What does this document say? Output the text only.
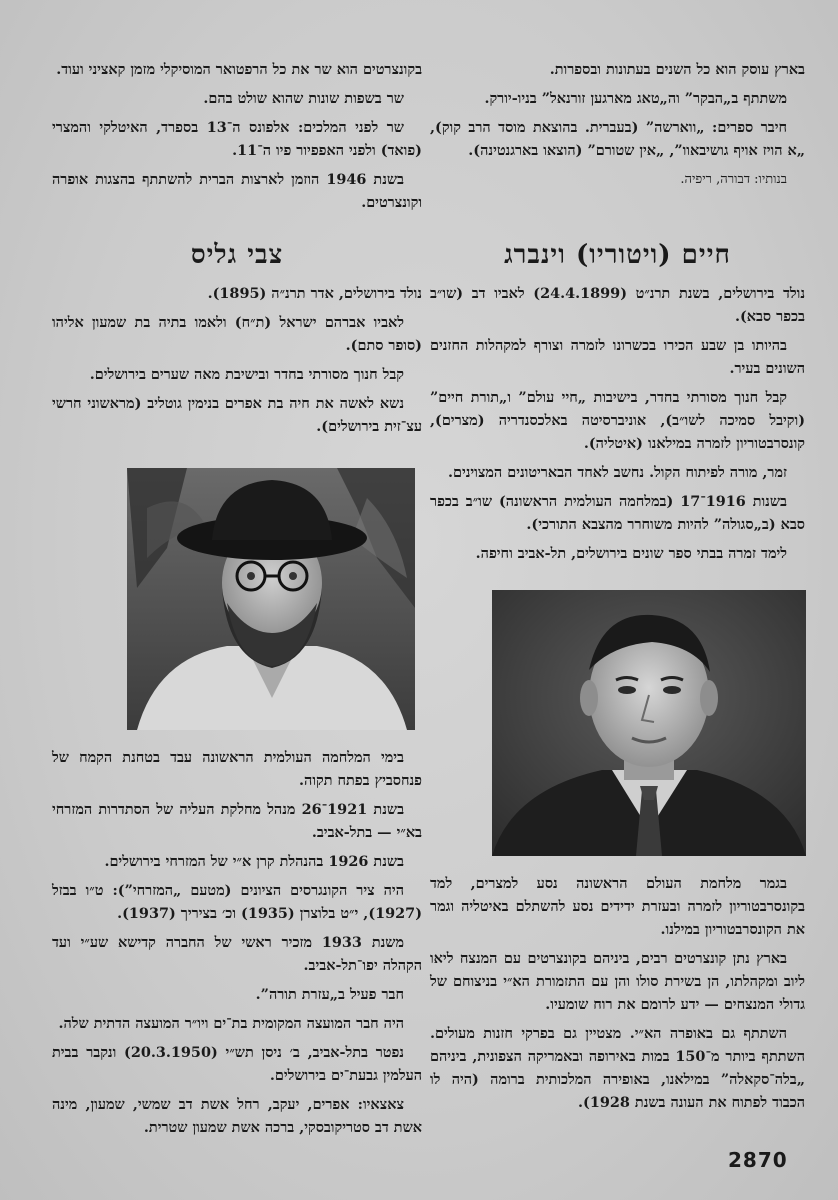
בארץ עוסק הוא כל השנים בעתונות ובספרות.

משתתף ב„הבקר” וה„טאג מארגען זורנאל” בניו-יורק.

חיבר ספרים: „ווארשה” (בעברית. בהוצאת מוסד הרב קוק), „א הויז אויף גושיבאוו”, „אין שטורם” (הוצאו בארגנטינה).

בנותיו: דבורה, ריפיה.

בקונצרטים הוא שר את כל הרפטואר המוסיקלי מזמן קאציני ועוד.

שר בשפות שונות שהוא שולט בהם.

שר לפני המלכים: אלפונס ה־13 בספרד, האיטלקי והמצרי (פואד) ולפני האפפיור פיו ה־11.

בשנת 1946 הוזמן לארצות הברית להשתתף בהצגות אופרה וקונצרטים.

חיים (ויטוריו) וינברג

נולד בירושלים, בשנת תרנ״ט (24.4.1899) לאביו דב (שו״ב בכפר סבא).

בהיותו בן שבע הכירו בכשרונו לזמרה וצורף למקהלות החזנים השונים בעיר.

קבל חנוך מסורתי בחדר, בישיבות „חיי עולם” ו„תורת חיים” (וקיבל סמיכה לשו״ב), אוניברסיטה באלכסנדריה (מצרים), קונסרבטוריון לזמרה במילאנו (איטליה).

זמר, מורה לפיתוח הקול. נחשב לאחד הבאריטונים המצוינים.

בשנות 1916־17 (במלחמה העולמית הראשונה) שו״ב בכפר סבא (ב„סגולה” להיות משוחרר מהצבא התורכי).

לימד זמרה בבתי ספר שונים בירושלים, תל-אביב וחיפה.

צבי גליס

נולד בירושלים, אדר תרנ״ה (1895).

לאביו אברהם ישראל (ת״ח) ולאמו בתיה בת שמעון אליהו (סופר סתם).

קבל חנוך מסורתי בחדר ובישיבת מאה שערים בירושלים.

נשא לאשה את חיה בת אפרים בנימין גוטליב (מראשוני חרשי עצ־זית בירושלים).

בגמר מלחמת העולם הראשונה נסע למצרים, למד בקונסרבטוריון לזמרה ובעזרת ידידים נסע להשתלם באיטליה וגמר את הקונסרבטוריון במילנו.

בארץ נתן קונצרטים רבים, ביניהם בקונצרטים עם המנצח ליאו ליוב ומקהלתו, הן בשירת סולו והן עם התזמורת הא״י בניצוחם של גדולי המנצחים — ידע לרומם את רוח שומעיו.

השתתף גם באופרה הא״י. מצטיין גם בפרקי חזנות מעולים. השתתף ביותר מ־150 במות באירופה ובאמריקה הצפונית, ביניהם „בלה־סקאלה” במילאנו, באופירה המלכותית ברומה (היה לו הכבוד לפתוח את העונה בשנת 1928).

בימי המלחמה העולמית הראשונה עבד בטחנת הקמח של פנחסביץ בפתח תקוה.

בשנת 1921־26 מנהל מחלקת העליה של הסתדרות המזרחי בא״י — בתל-אביב.

בשנת 1926 בהנהלת קרן א״י של המזרחי בירושלים.

היה ציר הקונגרסים הציונים (מטעם „המזרחי”): ט״ו בבזל (1927), י״ט בלוצרן (1935) וכ׳ בציריך (1937).

משנת 1933 מזכיר ראשי של החברה קדישא שע״י ועד הקהלה יפו־תל-אביב.

חבר פעיל ב„עזרת תורה”.

היה חבר המועצה המקומית בת־ים ויו״ר המועצה הדתית שלה.

נפטר בתל-אביב, ב׳ ניסן תש״י (20.3.1950) ונקבר בבית העלמין גבעת־ים בירושלים.

צאצאיו: אפרים, יעקב, רחל אשת דב שמשי, שמעון, מינה אשת דב סטריקובסקי, ברכה אשת שמעון שטרית.

2870
